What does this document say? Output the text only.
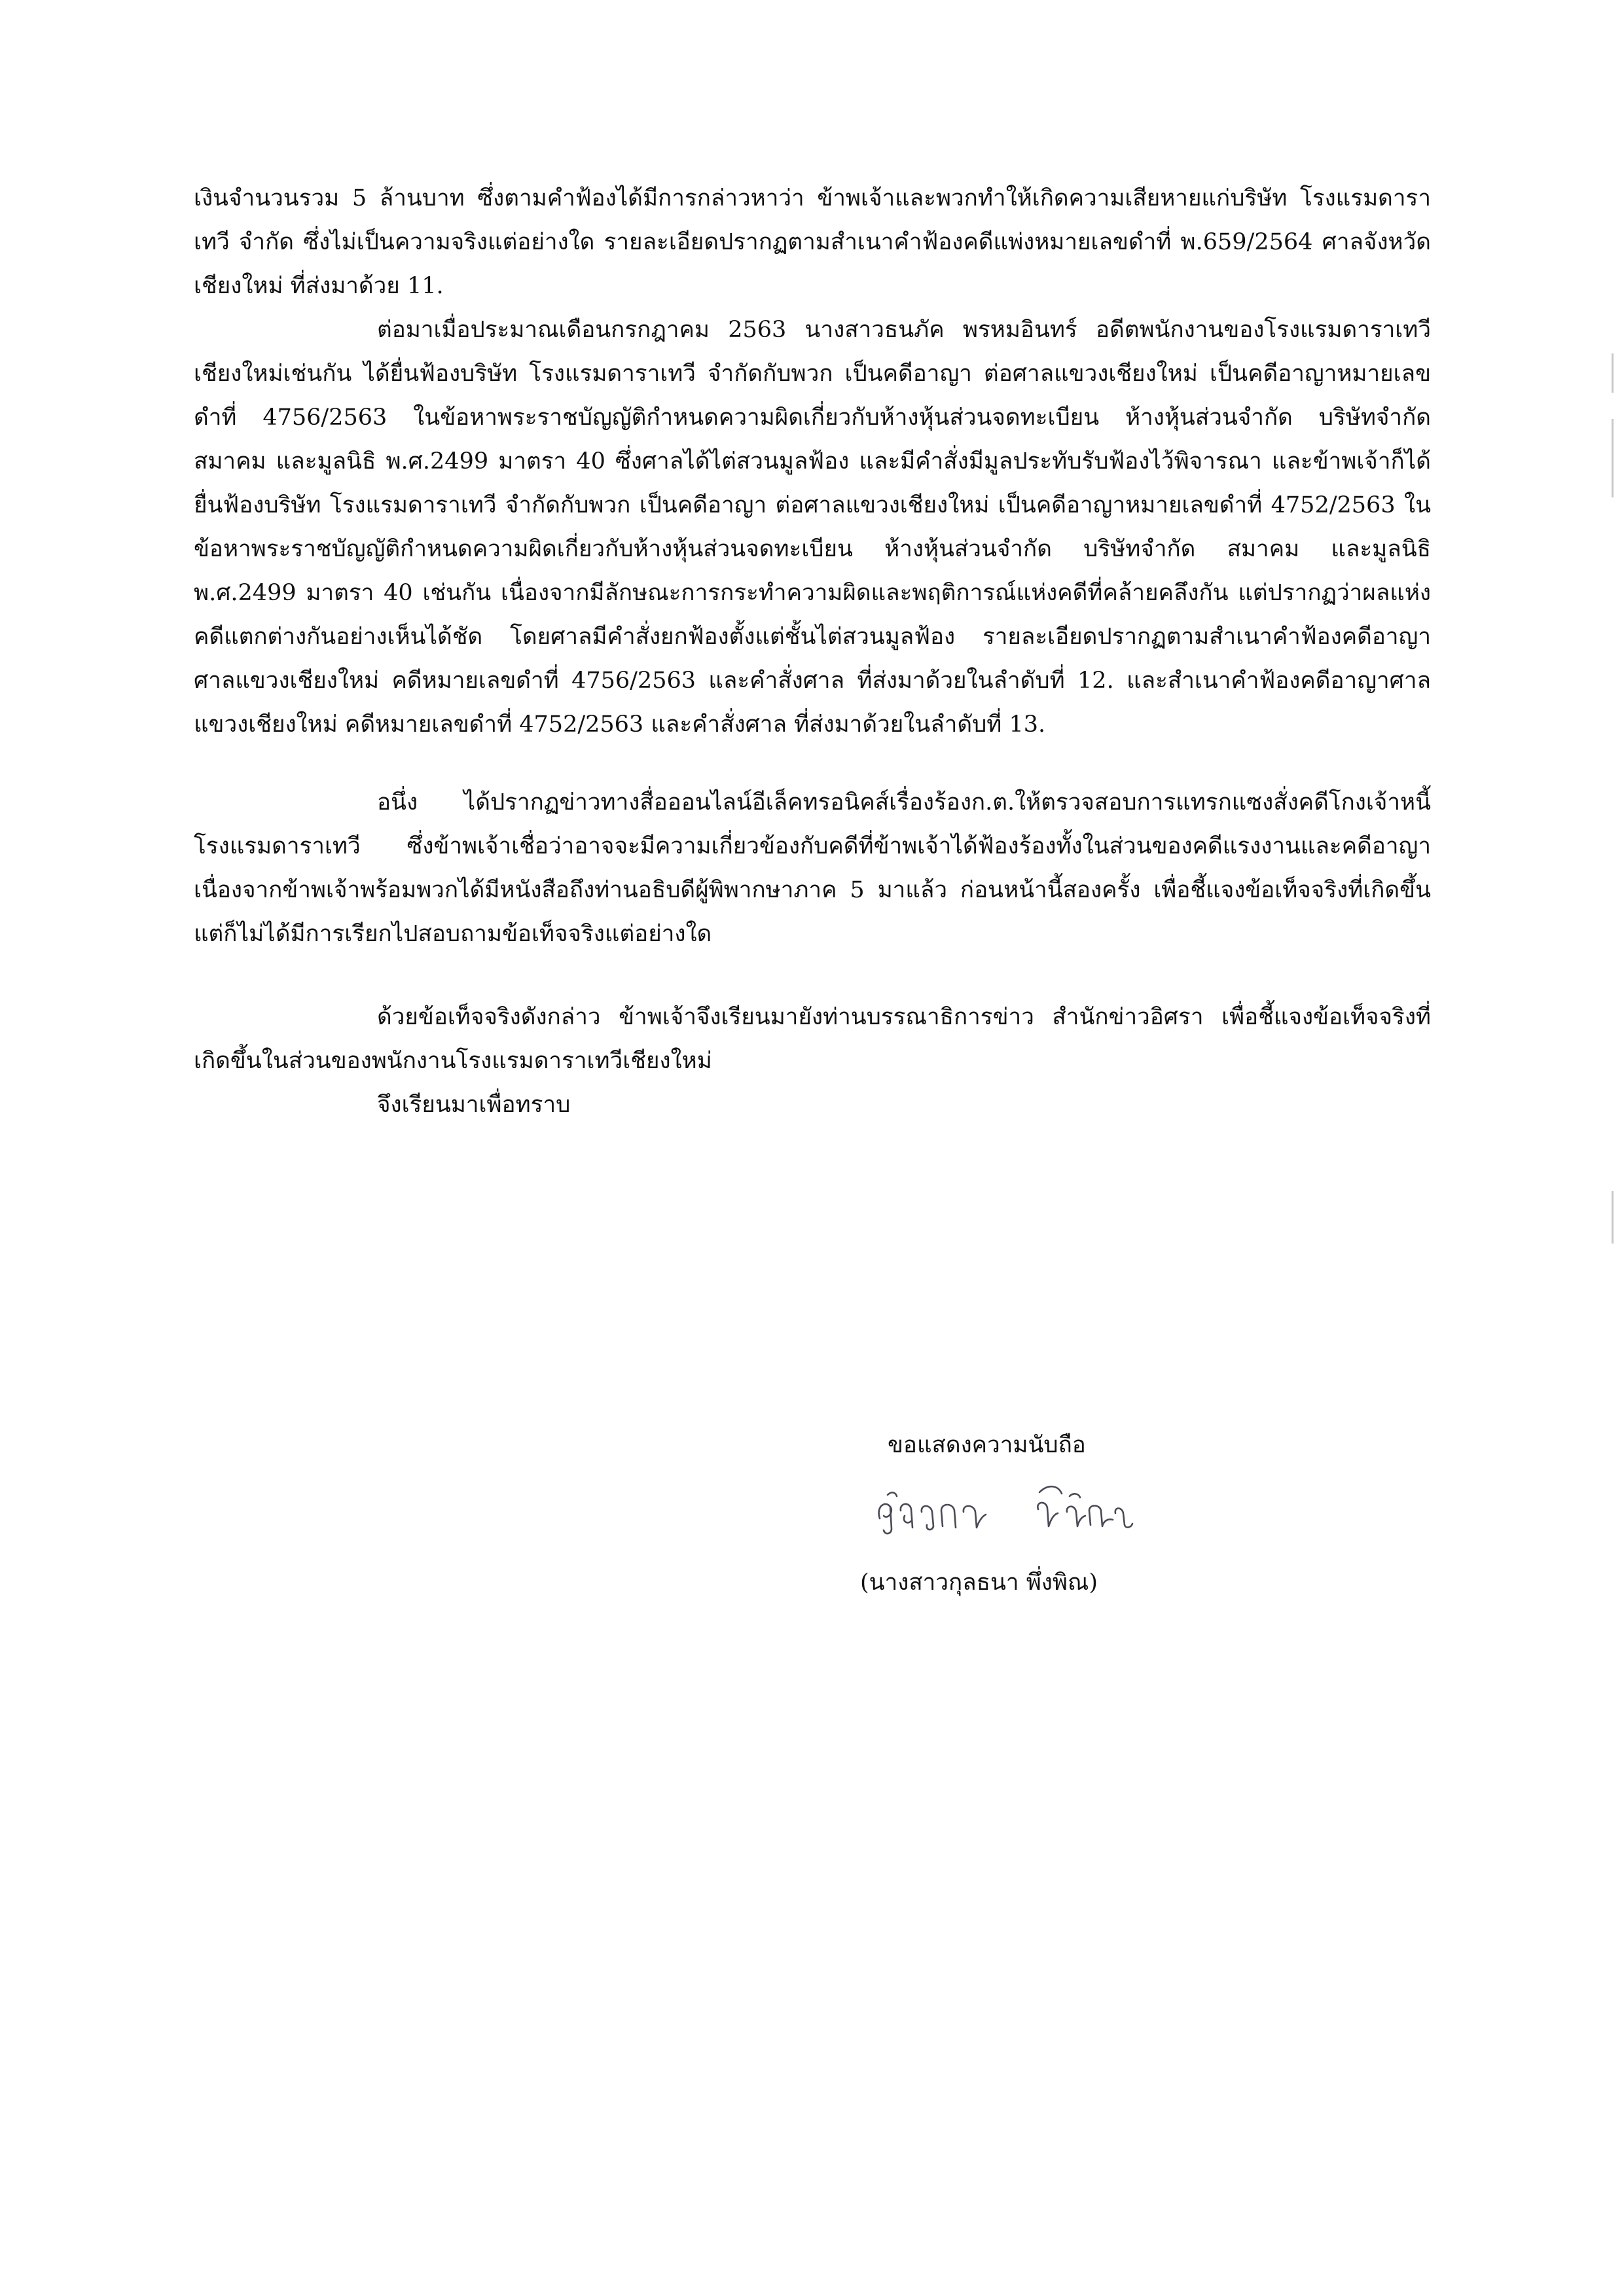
เงินจำนวนรวม 5 ล้านบาท ซึ่งตามคำฟ้องได้มีการกล่าวหาว่า ข้าพเจ้าและพวกทำให้เกิดความเสียหายแก่บริษัท โรงแรมดาราเทวี จำกัด ซึ่งไม่เป็นความจริงแต่อย่างใด รายละเอียดปรากฏตามสำเนาคำฟ้องคดีแพ่งหมายเลขดำที่ พ.659/2564 ศาลจังหวัดเชียงใหม่ ที่ส่งมาด้วย 11.

ต่อมาเมื่อประมาณเดือนกรกฎาคม 2563 นางสาวธนภัค พรหมอินทร์ อดีตพนักงานของโรงแรมดาราเทวีเชียงใหม่เช่นกัน ได้ยื่นฟ้องบริษัท โรงแรมดาราเทวี จำกัดกับพวก เป็นคดีอาญา ต่อศาลแขวงเชียงใหม่ เป็นคดีอาญาหมายเลขดำที่ 4756/2563 ในข้อหาพระราชบัญญัติกำหนดความผิดเกี่ยวกับห้างหุ้นส่วนจดทะเบียน ห้างหุ้นส่วนจำกัด บริษัทจำกัด สมาคม และมูลนิธิ พ.ศ.2499 มาตรา 40 ซึ่งศาลได้ไต่สวนมูลฟ้อง และมีคำสั่งมีมูลประทับรับฟ้องไว้พิจารณา และข้าพเจ้าก็ได้ยื่นฟ้องบริษัท โรงแรมดาราเทวี จำกัดกับพวก เป็นคดีอาญา ต่อศาลแขวงเชียงใหม่ เป็นคดีอาญาหมายเลขดำที่ 4752/2563 ในข้อหาพระราชบัญญัติกำหนดความผิดเกี่ยวกับห้างหุ้นส่วนจดทะเบียน ห้างหุ้นส่วนจำกัด บริษัทจำกัด สมาคม และมูลนิธิ พ.ศ.2499 มาตรา 40 เช่นกัน เนื่องจากมีลักษณะการกระทำความผิดและพฤติการณ์แห่งคดีที่คล้ายคลึงกัน แต่ปรากฏว่าผลแห่งคดีแตกต่างกันอย่างเห็นได้ชัด โดยศาลมีคำสั่งยกฟ้องตั้งแต่ชั้นไต่สวนมูลฟ้อง รายละเอียดปรากฏตามสำเนาคำฟ้องคดีอาญา ศาลแขวงเชียงใหม่ คดีหมายเลขดำที่ 4756/2563 และคำสั่งศาล ที่ส่งมาด้วยในลำดับที่ 12. และสำเนาคำฟ้องคดีอาญาศาลแขวงเชียงใหม่ คดีหมายเลขดำที่ 4752/2563 และคำสั่งศาล ที่ส่งมาด้วยในลำดับที่ 13.

อนึ่ง ได้ปรากฏข่าวทางสื่อออนไลน์อีเล็คทรอนิคส์เรื่องร้องก.ต.ให้ตรวจสอบการแทรกแซงสั่งคดีโกงเจ้าหนี้โรงแรมดาราเทวี ซึ่งข้าพเจ้าเชื่อว่าอาจจะมีความเกี่ยวข้องกับคดีที่ข้าพเจ้าได้ฟ้องร้องทั้งในส่วนของคดีแรงงานและคดีอาญา เนื่องจากข้าพเจ้าพร้อมพวกได้มีหนังสือถึงท่านอธิบดีผู้พิพากษาภาค 5 มาแล้ว ก่อนหน้านี้สองครั้ง เพื่อชี้แจงข้อเท็จจริงที่เกิดขึ้น แต่ก็ไม่ได้มีการเรียกไปสอบถามข้อเท็จจริงแต่อย่างใด

ด้วยข้อเท็จจริงดังกล่าว ข้าพเจ้าจึงเรียนมายังท่านบรรณาธิการข่าว สำนักข่าวอิศรา เพื่อชี้แจงข้อเท็จจริงที่เกิดขึ้นในส่วนของพนักงานโรงแรมดาราเทวีเชียงใหม่

จึงเรียนมาเพื่อทราบ

ขอแสดงความนับถือ
(นางสาวกุลธนา พึ่งพิณ)
